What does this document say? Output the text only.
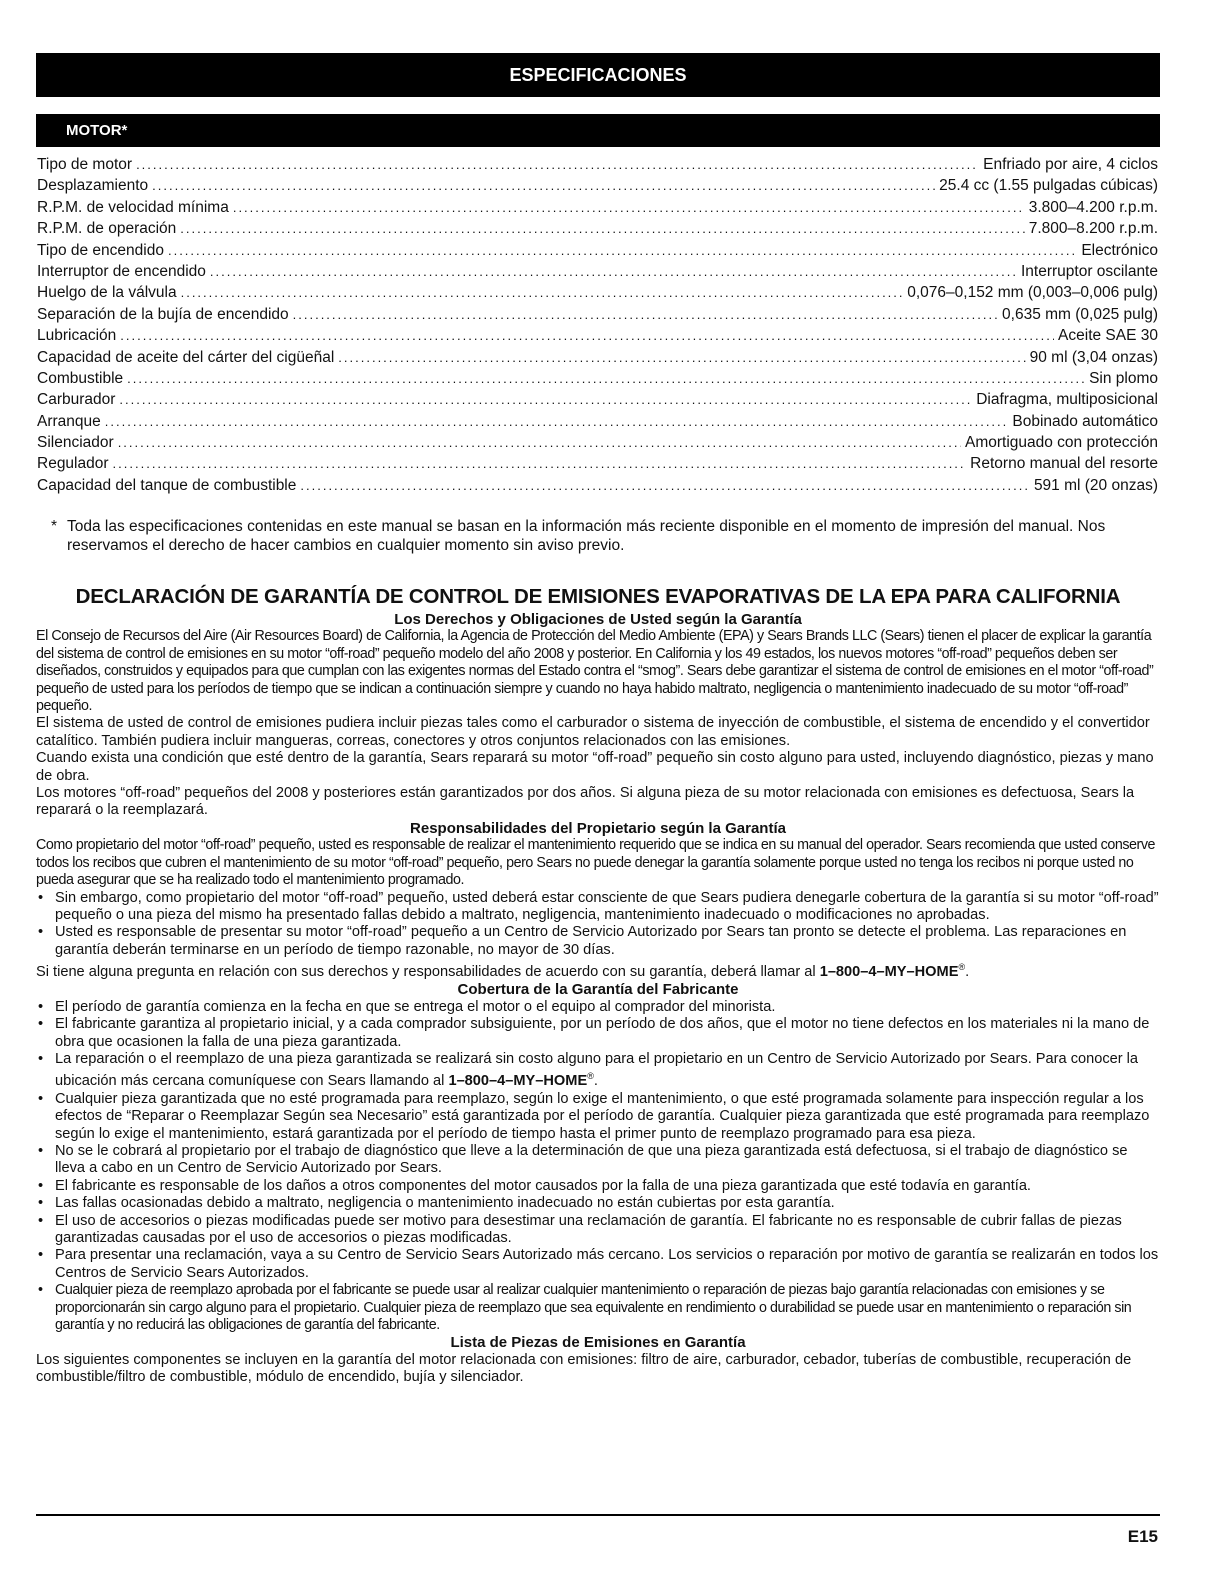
ESPECIFICACIONES
MOTOR*
Tipo de motor .....	Enfriado por aire, 4 ciclos
Desplazamiento .....	25.4 cc (1.55 pulgadas cúbicas)
R.P.M. de velocidad mínima .....	3.800–4.200 r.p.m.
R.P.M. de operación .....	7.800–8.200 r.p.m.
Tipo de encendido .....	Electrónico
Interruptor de encendido .....	Interruptor oscilante
Huelgo de la válvula .....	0,076–0,152 mm (0,003–0,006 pulg)
Separación de la bujía de encendido .....	0,635 mm (0,025 pulg)
Lubricación .....	Aceite SAE 30
Capacidad de aceite del cárter del cigüeñal .....	90 ml (3,04 onzas)
Combustible .....	Sin plomo
Carburador .....	Diafragma, multiposicional
Arranque .....	Bobinado automático
Silenciador .....	Amortiguado con protección
Regulador .....	Retorno manual del resorte
Capacidad del tanque de combustible .....	591 ml (20 onzas)
* Toda las especificaciones contenidas en este manual se basan en la información más reciente disponible en el momento de impresión del manual. Nos reservamos el derecho de hacer cambios en cualquier momento sin aviso previo.
DECLARACIÓN DE GARANTÍA DE CONTROL DE EMISIONES EVAPORATIVAS DE LA EPA PARA CALIFORNIA

Los Derechos y Obligaciones de Usted según la Garantía

El Consejo de Recursos del Aire (Air Resources Board) de California, la Agencia de Protección del Medio Ambiente (EPA) y Sears Brands LLC (Sears) tienen el placer de explicar la garantía del sistema de control de emisiones en su motor “off-road” pequeño modelo del año 2008 y posterior. En California y los 49 estados, los nuevos motores “off-road” pequeños deben ser diseñados, construidos y equipados para que cumplan con las exigentes normas del Estado contra el “smog”. Sears debe garantizar el sistema de control de emisiones en el motor “off-road” pequeño de usted para los períodos de tiempo que se indican a continuación siempre y cuando no haya habido maltrato, negligencia o mantenimiento inadecuado de su motor “off-road” pequeño.

El sistema de usted de control de emisiones pudiera incluir piezas tales como el carburador o sistema de inyección de combustible, el sistema de encendido y el convertidor catalítico. También pudiera incluir mangueras, correas, conectores y otros conjuntos relacionados con las emisiones.

Cuando exista una condición que esté dentro de la garantía, Sears reparará su motor “off-road” pequeño sin costo alguno para usted, incluyendo diagnóstico, piezas y mano de obra.

Los motores “off-road” pequeños del 2008 y posteriores están garantizados por dos años. Si alguna pieza de su motor relacionada con emisiones es defectuosa, Sears la reparará o la reemplazará.

Responsabilidades del Propietario según la Garantía

Como propietario del motor “off-road” pequeño, usted es responsable de realizar el mantenimiento requerido que se indica en su manual del operador. Sears recomienda que usted conserve todos los recibos que cubren el mantenimiento de su motor “off-road” pequeño, pero Sears no puede denegar la garantía solamente porque usted no tenga los recibos ni porque usted no pueda asegurar que se ha realizado todo el mantenimiento programado.

• Sin embargo, como propietario del motor “off-road” pequeño, usted deberá estar consciente de que Sears pudiera denegarle cobertura de la garantía si su motor “off-road” pequeño o una pieza del mismo ha presentado fallas debido a maltrato, negligencia, mantenimiento inadecuado o modificaciones no aprobadas.
• Usted es responsable de presentar su motor “off-road” pequeño a un Centro de Servicio Autorizado por Sears tan pronto se detecte el problema. Las reparaciones en garantía deberán terminarse en un período de tiempo razonable, no mayor de 30 días.

Si tiene alguna pregunta en relación con sus derechos y responsabilidades de acuerdo con su garantía, deberá llamar al 1–800–4–MY–HOME®.

Cobertura de la Garantía del Fabricante

• El período de garantía comienza en la fecha en que se entrega el motor o el equipo al comprador del minorista.
• El fabricante garantiza al propietario inicial, y a cada comprador subsiguiente, por un período de dos años, que el motor no tiene defectos en los materiales ni la mano de obra que ocasionen la falla de una pieza garantizada.
• La reparación o el reemplazo de una pieza garantizada se realizará sin costo alguno para el propietario en un Centro de Servicio Autorizado por Sears. Para conocer la ubicación más cercana comuníquese con Sears llamando al 1–800–4–MY–HOME®.
• Cualquier pieza garantizada que no esté programada para reemplazo, según lo exige el mantenimiento, o que esté programada solamente para inspección regular a los efectos de “Reparar o Reemplazar Según sea Necesario” está garantizada por el período de garantía. Cualquier pieza garantizada que esté programada para reemplazo según lo exige el mantenimiento, estará garantizada por el período de tiempo hasta el primer punto de reemplazo programado para esa pieza.
• No se le cobrará al propietario por el trabajo de diagnóstico que lleve a la determinación de que una pieza garantizada está defectuosa, si el trabajo de diagnóstico se lleva a cabo en un Centro de Servicio Autorizado por Sears.
• El fabricante es responsable de los daños a otros componentes del motor causados por la falla de una pieza garantizada que esté todavía en garantía.
• Las fallas ocasionadas debido a maltrato, negligencia o mantenimiento inadecuado no están cubiertas por esta garantía.
• El uso de accesorios o piezas modificadas puede ser motivo para desestimar una reclamación de garantía. El fabricante no es responsable de cubrir fallas de piezas garantizadas causadas por el uso de accesorios o piezas modificadas.
• Para presentar una reclamación, vaya a su Centro de Servicio Sears Autorizado más cercano. Los servicios o reparación por motivo de garantía se realizarán en todos los Centros de Servicio Sears Autorizados.
• Cualquier pieza de reemplazo aprobada por el fabricante se puede usar al realizar cualquier mantenimiento o reparación de piezas bajo garantía relacionadas con emisiones y se proporcionarán sin cargo alguno para el propietario. Cualquier pieza de reemplazo que sea equivalente en rendimiento o durabilidad se puede usar en mantenimiento o reparación sin garantía y no reducirá las obligaciones de garantía del fabricante.

Lista de Piezas de Emisiones en Garantía

Los siguientes componentes se incluyen en la garantía del motor relacionada con emisiones: filtro de aire, carburador, cebador, tuberías de combustible, recuperación de combustible/filtro de combustible, módulo de encendido, bujía y silenciador.

E15
